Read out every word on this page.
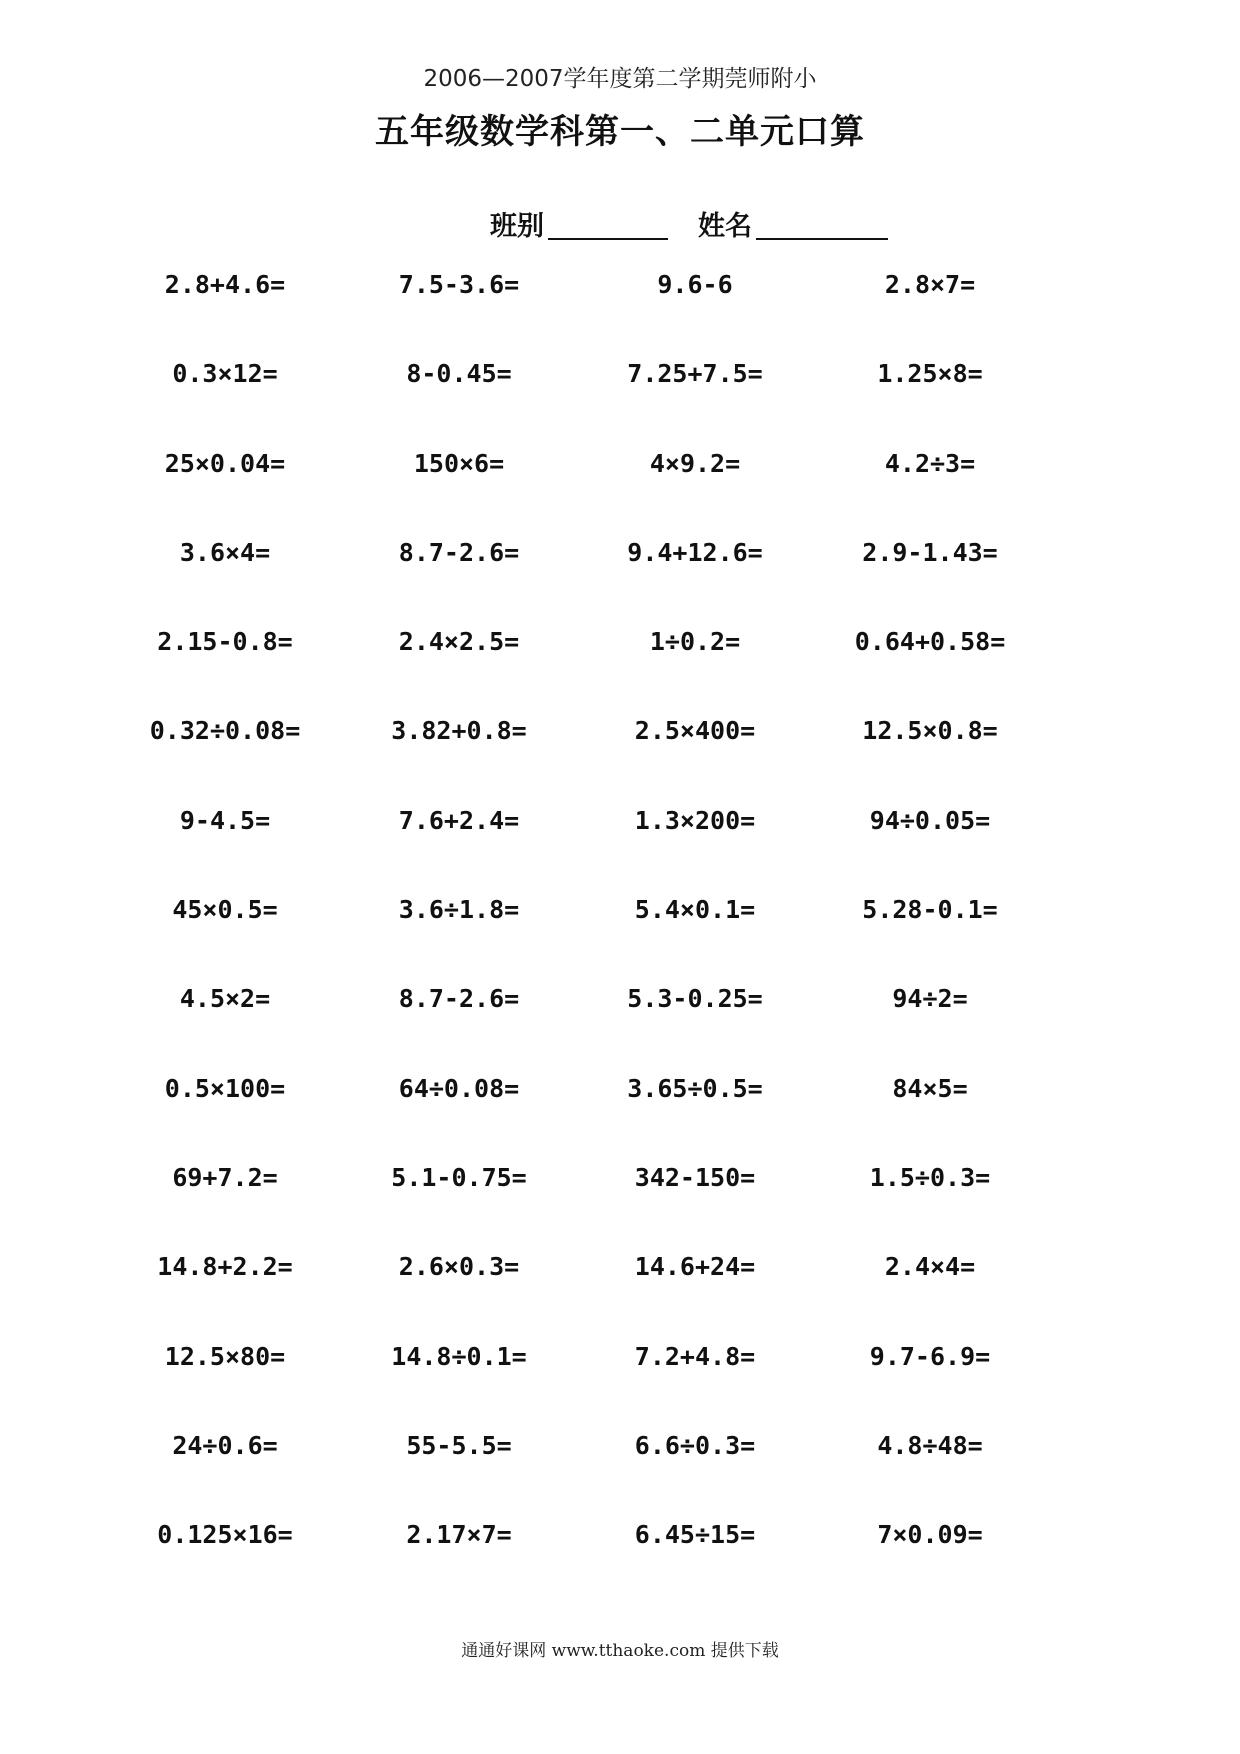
2006—2007学年度第二学期莞师附小
五年级数学科第一、二单元口算
班别	姓名
2.8+4.6=	7.5-3.6=	9.6-6	2.8×7=
0.3×12=	8-0.45=	7.25+7.5=	1.25×8=
25×0.04=	150×6=	4×9.2=	4.2÷3=
3.6×4=	8.7-2.6=	9.4+12.6=	2.9-1.43=
2.15-0.8=	2.4×2.5=	1÷0.2=	0.64+0.58=
0.32÷0.08=	3.82+0.8=	2.5×400=	12.5×0.8=
9-4.5=	7.6+2.4=	1.3×200=	94÷0.05=
45×0.5=	3.6÷1.8=	5.4×0.1=	5.28-0.1=
4.5×2=	8.7-2.6=	5.3-0.25=	94÷2=
0.5×100=	64÷0.08=	3.65÷0.5=	84×5=
69+7.2=	5.1-0.75=	342-150=	1.5÷0.3=
14.8+2.2=	2.6×0.3=	14.6+24=	2.4×4=
12.5×80=	14.8÷0.1=	7.2+4.8=	9.7-6.9=
24÷0.6=	55-5.5=	6.6÷0.3=	4.8÷48=
0.125×16=	2.17×7=	6.45÷15=	7×0.09=
通通好课网 www.tthaoke.com 提供下载
